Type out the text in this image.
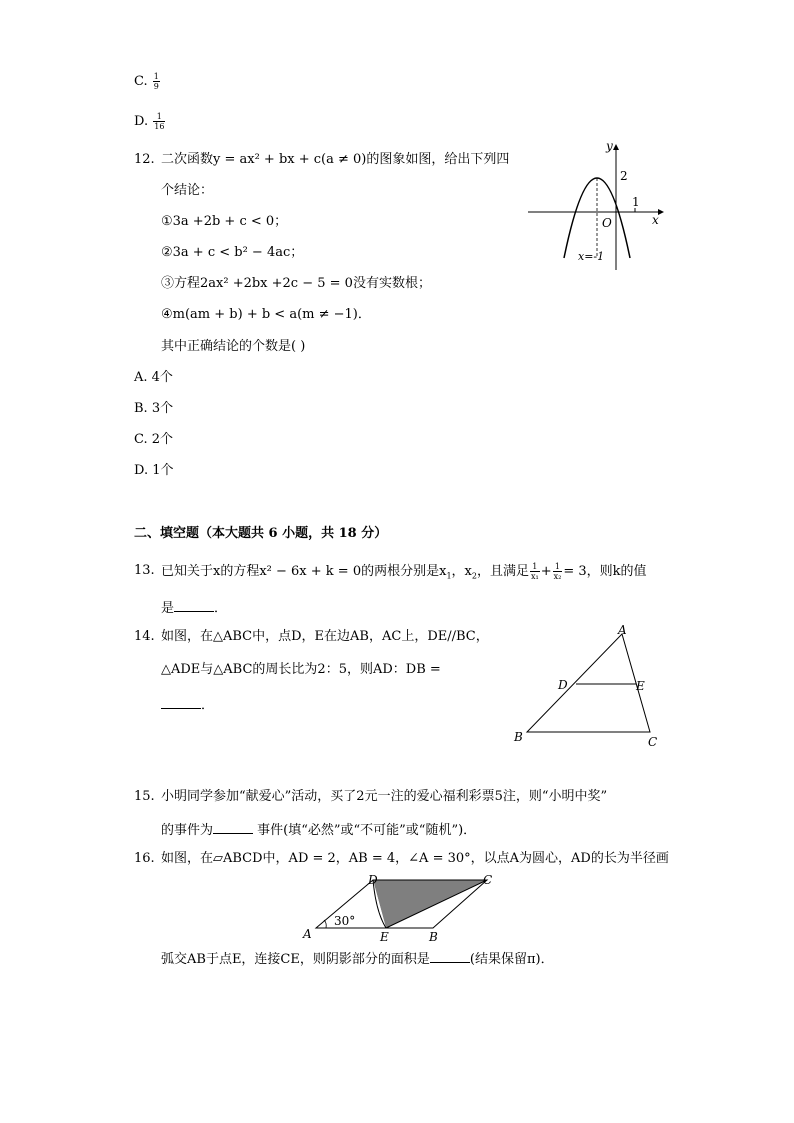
C. $\frac{1}{9}$
D. $\frac{1}{16}$
12. 二次函数y = ax² + bx + c(a ≠ 0)的图象如图，给出下列四
个结论：
①3a +2b + c < 0；
②3a + c < b² − 4ac；
③方程2ax² +2bx +2c − 5 = 0没有实数根；
④m(am + b) + b < a(m ≠ −1)．
其中正确结论的个数是( )
A. 4个
B. 3个
C. 2个
D. 1个
y
x
O
2
1
x=-1
二、填空题（本大题共 6 小题，共 18 分）
13. 已知关于x的方程x² − 6x + k = 0的两根分别是$x_1$，$x_2$，且满足 $\frac{1}{\text{x₁}} + \frac{1}{\text{x₂}} = 3$，则k的值
是	．
14. 如图，在△ABC中，点D，E在边AB，AC上，DE//BC，
△ADE与△ABC的周长比为2：5，则AD：DB =
．
A
B	C
D	E
15. 小明同学参加“献爱心”活动，买了2元一注的爱心福利彩票5注，则“小明中奖”
的事件为	事件(填“必然”或“不可能”或“随机”)．
16. 如图，在▱ABCD中，AD = 2，AB = 4，∠A = 30°，以点A为圆心，AD的长为半径画
30°
A	B
C
D
E
弧交AB于点E，连接CE，则阴影部分的面积是	(结果保留π)．
